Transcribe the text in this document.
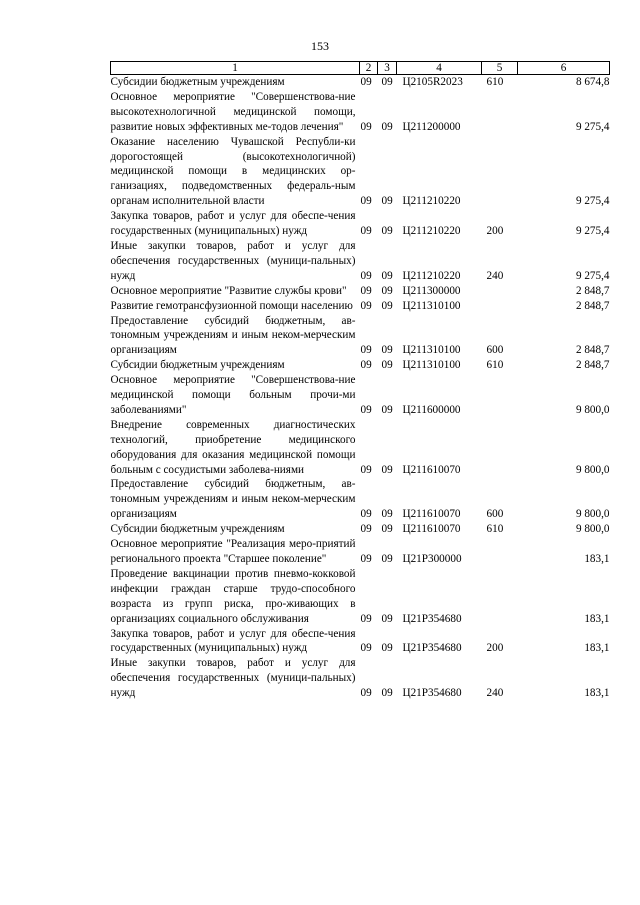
153
1	2	3	4	5	6
Субсидии бюджетным учреждениям	09	09	Ц2105R2023	610	8 674,8
Основное мероприятие "Совершенствова-ние высокотехнологичной медицинской помощи, развитие новых эффективных ме-тодов лечения"	09	09	Ц211200000		9 275,4
Оказание населению Чувашской Республи-ки дорогостоящей (высокотехнологичной) медицинской помощи в медицинских ор-ганизациях, подведомственных федераль-ным органам исполнительной власти	09	09	Ц211210220		9 275,4
Закупка товаров, работ и услуг для обеспе-чения государственных (муниципальных) нужд	09	09	Ц211210220	200	9 275,4
Иные закупки товаров, работ и услуг для обеспечения государственных (муници-пальных) нужд	09	09	Ц211210220	240	9 275,4
Основное мероприятие "Развитие службы крови"	09	09	Ц211300000		2 848,7
Развитие гемотрансфузионной помощи населению	09	09	Ц211310100		2 848,7
Предоставление субсидий бюджетным, ав-тономным учреждениям и иным неком-мерческим организациям	09	09	Ц211310100	600	2 848,7
Субсидии бюджетным учреждениям	09	09	Ц211310100	610	2 848,7
Основное мероприятие "Совершенствова-ние медицинской помощи больным прочи-ми заболеваниями"	09	09	Ц211600000		9 800,0
Внедрение современных диагностических технологий, приобретение медицинского оборудования для оказания медицинской помощи больным с сосудистыми заболева-ниями	09	09	Ц211610070		9 800,0
Предоставление субсидий бюджетным, ав-тономным учреждениям и иным неком-мерческим организациям	09	09	Ц211610070	600	9 800,0
Субсидии бюджетным учреждениям	09	09	Ц211610070	610	9 800,0
Основное мероприятие "Реализация меро-приятий регионального проекта "Старшее поколение"	09	09	Ц21Р300000		183,1
Проведение вакцинации против пневмо-кокковой инфекции граждан старше трудо-способного возраста из групп риска, про-живающих в организациях социального обслуживания	09	09	Ц21Р354680		183,1
Закупка товаров, работ и услуг для обеспе-чения государственных (муниципальных) нужд	09	09	Ц21Р354680	200	183,1
Иные закупки товаров, работ и услуг для обеспечения государственных (муници-пальных) нужд	09	09	Ц21Р354680	240	183,1
